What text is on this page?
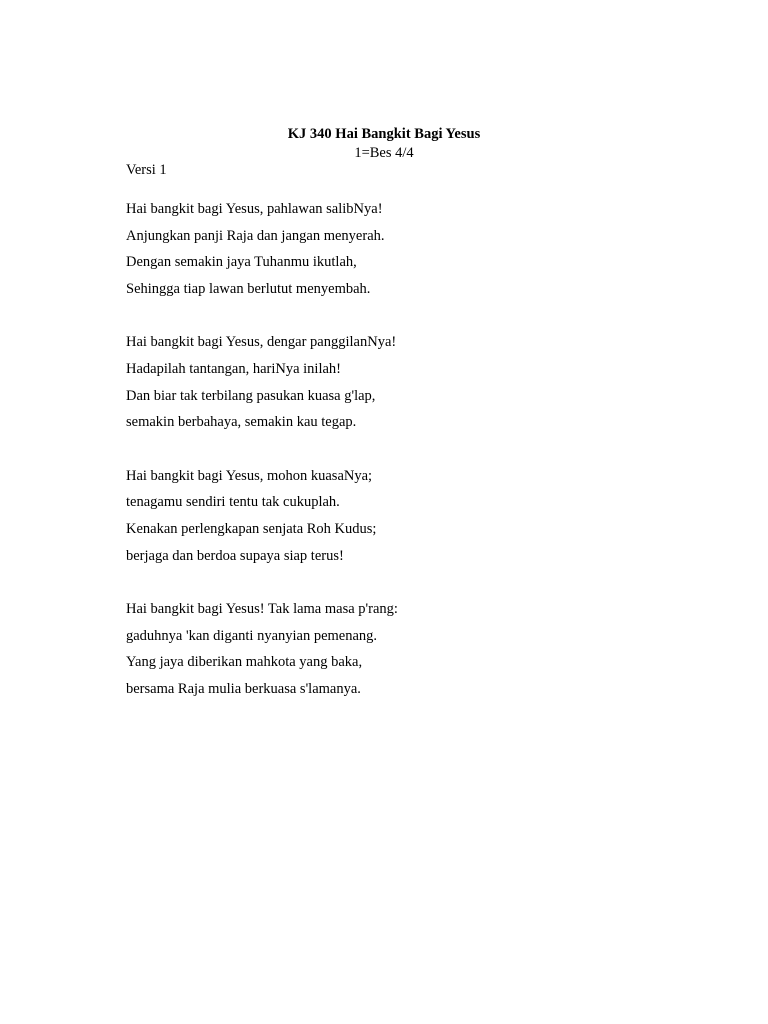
KJ 340 Hai Bangkit Bagi Yesus
1=Bes 4/4
Versi 1
Hai bangkit bagi Yesus, pahlawan salibNya!
Anjungkan panji Raja dan jangan menyerah.
Dengan semakin jaya Tuhanmu ikutlah,
Sehingga tiap lawan berlutut menyembah.
Hai bangkit bagi Yesus, dengar panggilanNya!
Hadapilah tantangan, hariNya inilah!
Dan biar tak terbilang pasukan kuasa g'lap,
semakin berbahaya, semakin kau tegap.
Hai bangkit bagi Yesus, mohon kuasaNya;
tenagamu sendiri tentu tak cukuplah.
Kenakan perlengkapan senjata Roh Kudus;
berjaga dan berdoa supaya siap terus!
Hai bangkit bagi Yesus! Tak lama masa p'rang:
gaduhnya 'kan diganti nyanyian pemenang.
Yang jaya diberikan mahkota yang baka,
bersama Raja mulia berkuasa s'lamanya.
